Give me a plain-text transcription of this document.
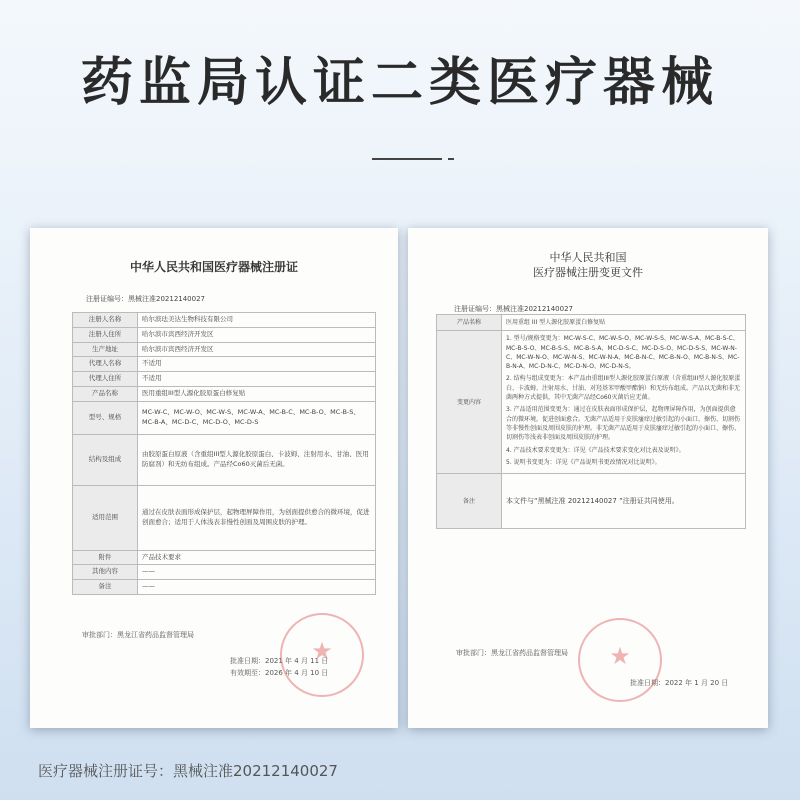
药监局认证二类医疗器械
中华人民共和国医疗器械注册证
注册证编号：黑械注准20212140027
注册人名称	哈尔滨珐美达生物科技有限公司
注册人住所	哈尔滨市宾西经济开发区
生产地址	哈尔滨市宾西经济开发区
代理人名称	不适用
代理人住所	不适用
产品名称	医用重组III型人源化胶原蛋白修复贴
型号、规格	MC-W-C、MC-W-O、MC-W-S、MC-W-A、MC-B-C、MC-B-O、MC-B-S、MC-B-A、MC-D-C、MC-D-O、MC-D-S
结构及组成	由胶原蛋白原液（含重组III型人源化胶原蛋白、卡波姆、注射用水、甘油、医用防腐剂）和无纺布组成。产品经Co60灭菌后无菌。
适用范围	通过在皮肤表面形成保护层，起物理屏障作用，为创面提供愈合的微环境，促进创面愈合；适用于人体浅表非慢性创面及周围皮肤的护理。
附件	产品技术要求
其他内容	——
备注	——
审批部门：黑龙江省药品监督管理局
批准日期：2021 年 4 月 11 日
有效期至：2026 年 4 月 10 日
★
中华人民共和国
医疗器械注册变更文件
注册证编号：黑械注准20212140027
产品名称	医用重组 III 型人源化胶原蛋白修复贴
变更内容	1. 型号/规格变更为：MC-W-S-C、MC-W-S-O、MC-W-S-S、MC-W-S-A、MC-B-S-C、MC-B-S-O、MC-B-S-S、MC-B-S-A、MC-D-S-C、MC-D-S-O、MC-D-S-S、MC-W-N-C、MC-W-N-O、MC-W-N-S、MC-W-N-A、MC-B-N-C、MC-B-N-O、MC-B-N-S、MC-B-N-A、MC-D-N-C、MC-D-N-O、MC-D-N-S。
2. 结构与组成变更为：本产品由重组III型人源化胶原蛋白原液（含重组III型人源化胶原蛋白、卡波姆、注射用水、甘油、对羟基苯甲酸甲酯钠）和无纺布组成。产品以无菌和非无菌两种方式提供，其中无菌产品经Co60灭菌后应无菌。
3. 产品适用范围变更为：通过在皮肤表面形成保护层，起物理屏障作用，为创面提供愈合的微环境，促进创面愈合。无菌产品适用于皮肤瘙痒过敏引起的小面口、擦伤、切割伤等非慢性创面及周围皮肤的护理。非无菌产品适用于皮肤瘙痒过敏引起的小面口、擦伤、切割伤等浅表非创面及周围皮肤的护理。
4. 产品技术要求变更为：详见《产品技术要求变化对比表及说明》。
5. 说明书变更为：详见《产品说明书更改情况对比说明》。

备注	本文件与“黑械注准 20212140027 ”注册证共同使用。
审批部门：黑龙江省药品监督管理局
批准日期：2022 年 1 月 20 日
★
医疗器械注册证号：黑械注准20212140027
